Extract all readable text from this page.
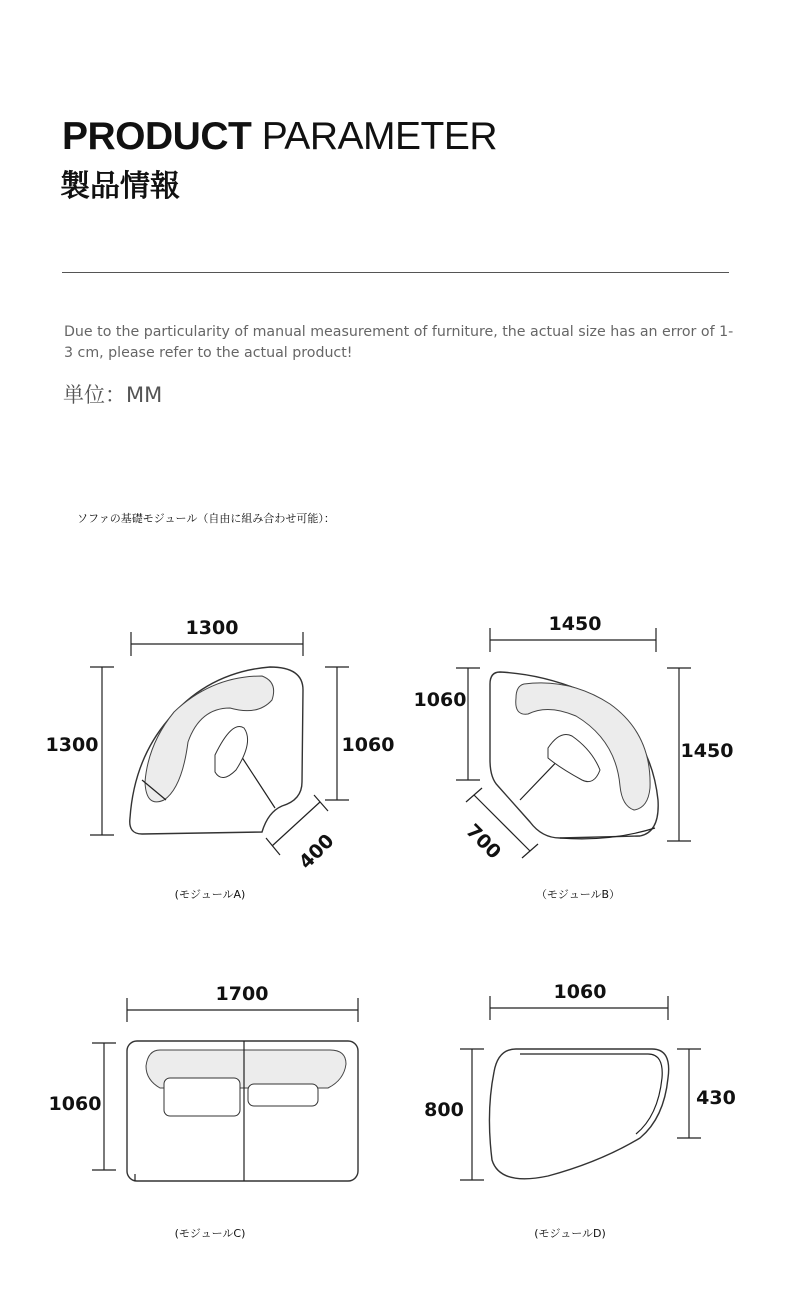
PRODUCT PARAMETER
製品情報
Due to the particularity of manual measurement of furniture, the actual size has an error of 1-3 cm, please refer to the actual product!
単位：MM
ソファの基礎モジュール（自由に組み合わせ可能）：
1300
1300	1060
400
(モジュールA)
1450
1060
1450
700
（モジュールB）
1700
1060
(モジュールC)
1060
800
430
(モジュールD)
